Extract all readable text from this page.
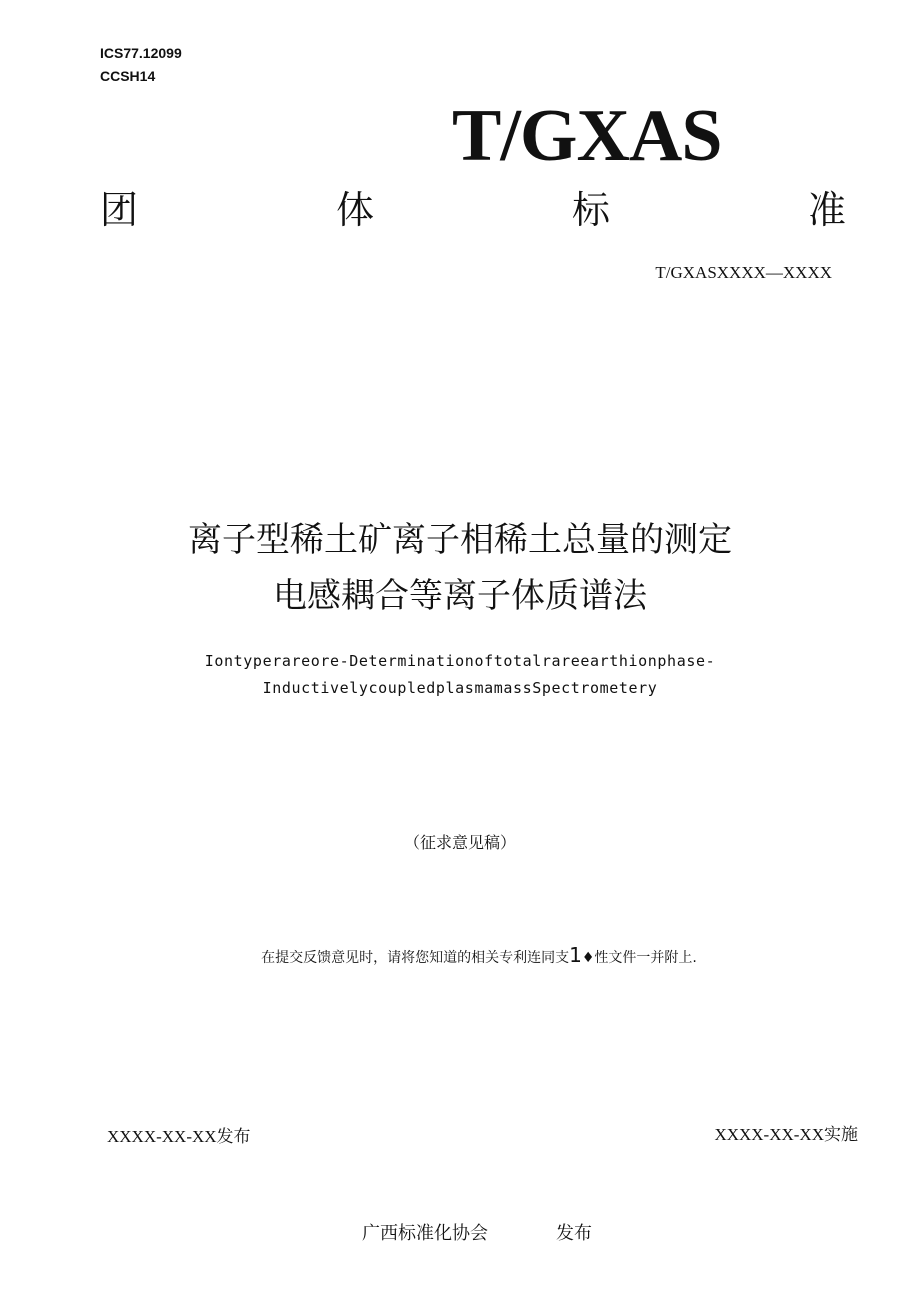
ICS77.12099
CCSH14
T/GXAS
团	体	标	准
T/GXASXXXX—XXXX
离子型稀土矿离子相稀土总量的测定
电感耦合等离子体质谱法
Iontyperareore-Determinationoftotalrareearthionphase-
InductivelycoupledplasmamassSpectrometery
（征求意见稿）
在提交反馈意见时，请将您知道的相关专利连同支1♦性文件一并附上.
XXXX-XX-XX发布	XXXX-XX-XX实施
广西标准化协会	发布
